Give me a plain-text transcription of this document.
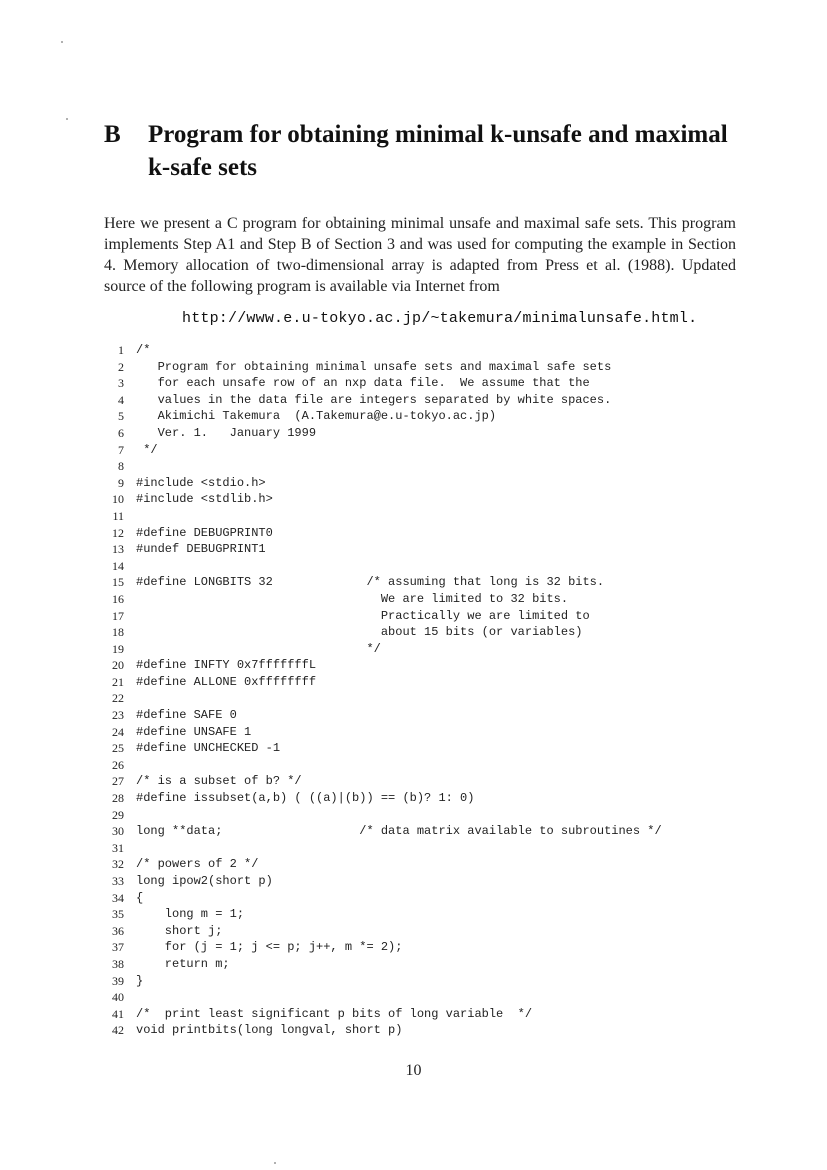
B Program for obtaining minimal k-unsafe and maximal k-safe sets

Here we present a C program for obtaining minimal unsafe and maximal safe sets. This program implements Step A1 and Step B of Section 3 and was used for computing the example in Section 4. Memory allocation of two-dimensional array is adapted from Press et al. (1988). Updated source of the following program is available via Internet from

http://www.e.u-tokyo.ac.jp/~takemura/minimalunsafe.html.
1 /*
2 Program for obtaining minimal unsafe sets and maximal safe sets
3 for each unsafe row of an nxp data file.  We assume that the
4 values in the data file are integers separated by white spaces.
5 Akimichi Takemura  (A.Takemura@e.u-tokyo.ac.jp)
6 Ver. 1.   January 1999
7 */
8
9 #include <stdio.h>
10 #include <stdlib.h>
11
12 #define DEBUGPRINT0
13 #undef DEBUGPRINT1
14
15 #define LONGBITS 32             /* assuming that long is 32 bits.
16 We are limited to 32 bits.
17 Practically we are limited to
18 about 15 bits (or variables)
19 */
20 #define INFTY 0x7fffffffL
21 #define ALLONE 0xffffffff
22
23 #define SAFE 0
24 #define UNSAFE 1
25 #define UNCHECKED -1
26
27 /* is a subset of b? */
28 #define issubset(a,b) ( ((a)|(b)) == (b)? 1: 0)
29
30 long **data;                   /* data matrix available to subroutines */
31
32 /* powers of 2 */
33 long ipow2(short p)
34 {
35 long m = 1;
36 short j;
37 for (j = 1; j <= p; j++, m *= 2);
38 return m;
39 }
40
41 /*  print least significant p bits of long variable  */
42 void printbits(long longval, short p)
10
